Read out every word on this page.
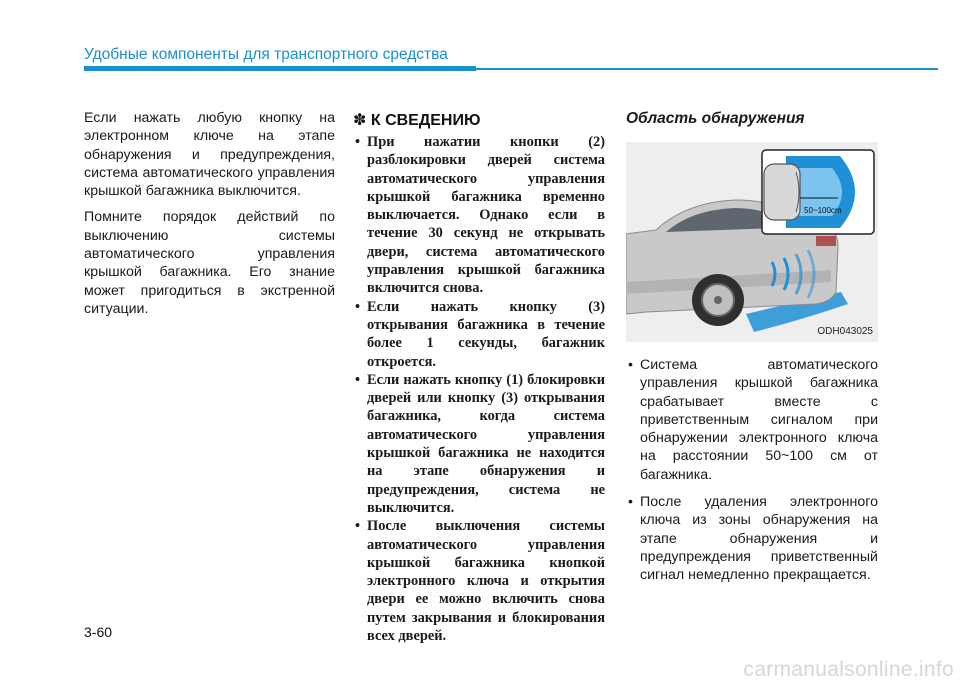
Удобные компоненты для транспортного средства

Если нажать любую кнопку на электронном ключе на этапе обнаружения и предупреждения, система автоматического управления крышкой багажника выключится.

Помните порядок действий по выключению системы автоматического управления крышкой багажника. Его знание может пригодиться в экстренной ситуации.

✽ К СВЕДЕНИЮ
• При нажатии кнопки (2) разблокировки дверей система автоматического управления крышкой багажника временно выключается. Однако если в течение 30 секунд не открывать двери, система автоматического управления крышкой багажника включится снова.
• Если нажать кнопку (3) открывания багажника в течение более 1 секунды, багажник откроется.
• Если нажать кнопку (1) блокировки дверей или кнопку (3) открывания багажника, когда система автоматического управления крышкой багажника не находится на этапе обнаружения и предупреждения, система не выключится.
• После выключения системы автоматического управления крышкой багажника кнопкой электронного ключа и открытия двери ее можно включить снова путем закрывания и блокирования всех дверей.
Область обнаружения
50~100cm
ODH043025
• Система автоматического управления крышкой багажника срабатывает вместе с приветственным сигналом при обнаружении электронного ключа на расстоянии 50~100 см от багажника.
• После удаления электронного ключа из зоны обнаружения на этапе обнаружения и предупреждения приветственный сигнал немедленно прекращается.
3-60
carmanualsonline.info
